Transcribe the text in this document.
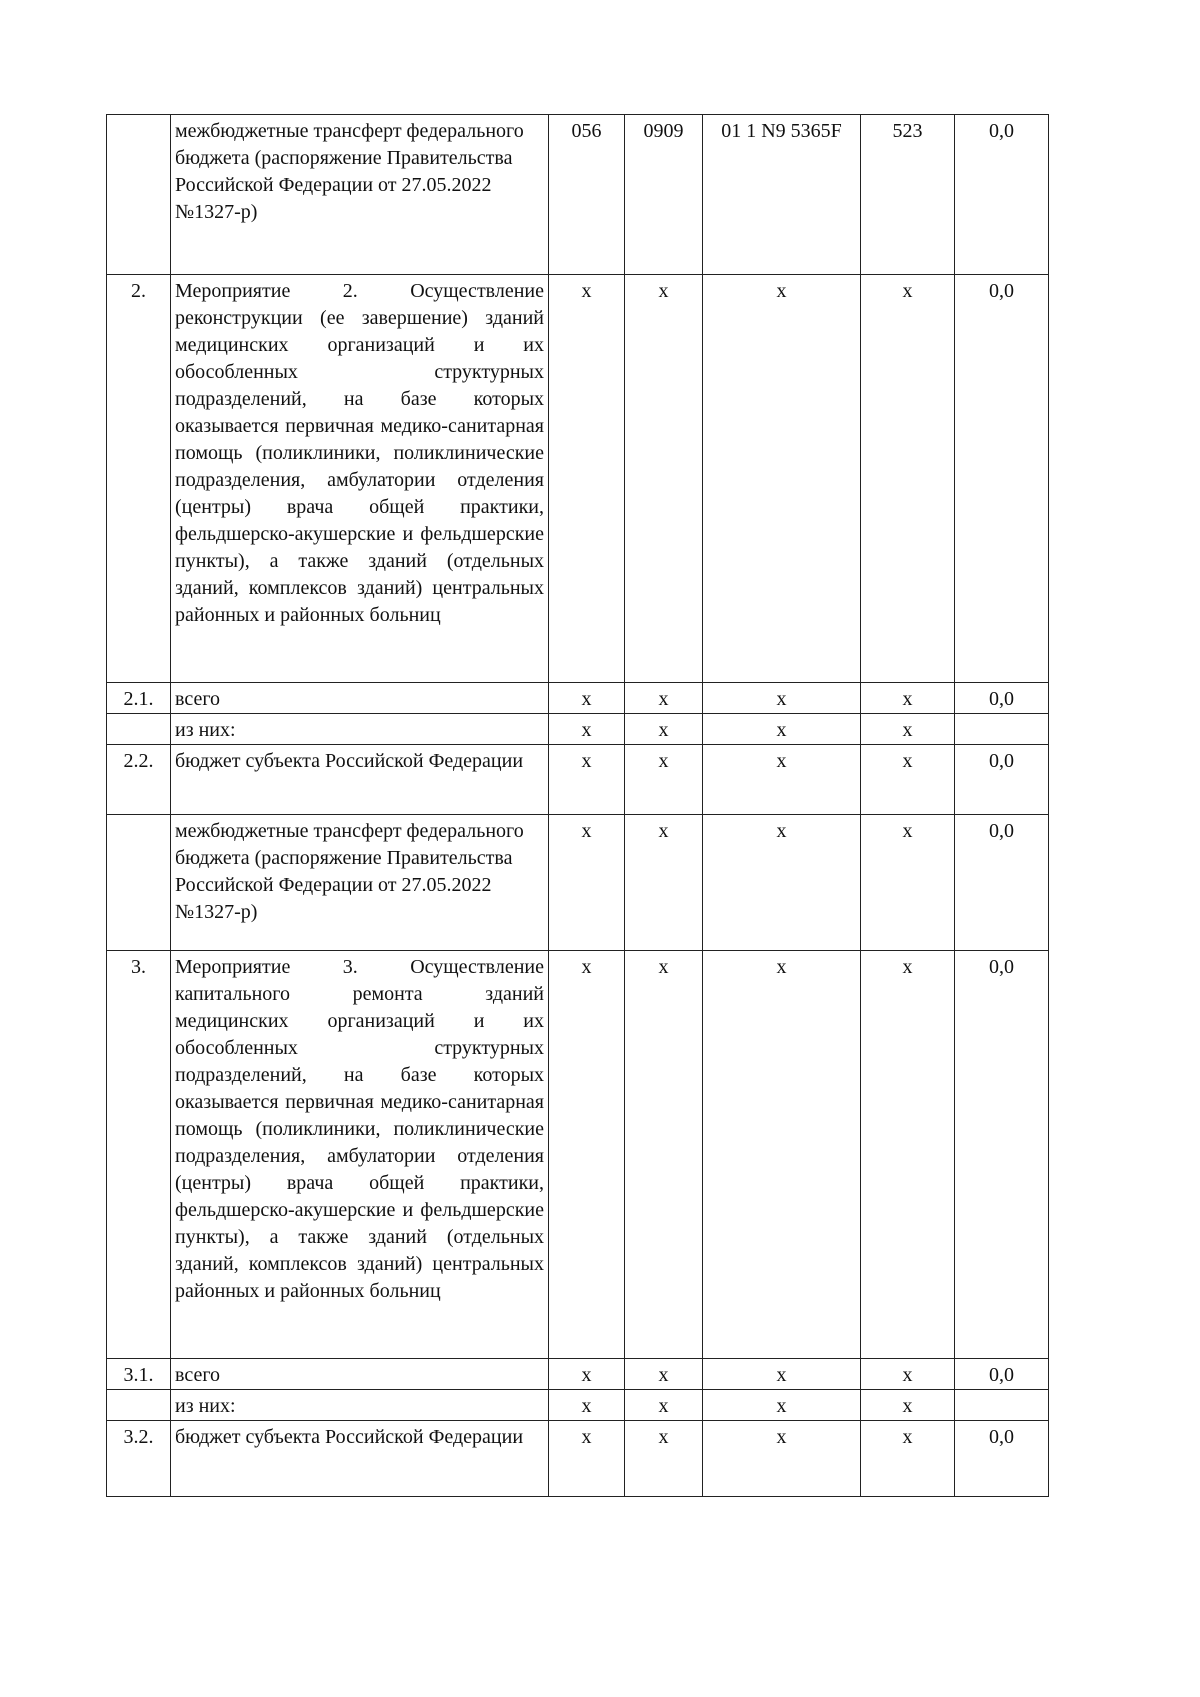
	межбюджетные трансферт федерального бюджета (распоряжение Правительства Российской Федерации от 27.05.2022 №1327-р)	056	0909	01 1 N9 5365F	523	0,0
2.	Мероприятие 2. Осуществление реконструкции (ее завершение) зданий медицинских организаций и их обособленных структурных подразделений, на базе которых оказывается первичная медико-санитарная помощь (поликлиники, поликлинические подразделения, амбулатории отделения (центры) врача общей практики, фельдшерско-акушерские и фельдшерские пункты), а также зданий (отдельных зданий, комплексов зданий) центральных районных и районных больниц	х	х	х	х	0,0
2.1.	всего	х	х	х	х	0,0
	из них:	х	х	х	х	
2.2.	бюджет субъекта Российской Федерации	х	х	х	х	0,0
	межбюджетные трансферт федерального бюджета (распоряжение Правительства Российской Федерации от 27.05.2022 №1327-р)	х	х	х	х	0,0
3.	Мероприятие 3. Осуществление капитального ремонта зданий медицинских организаций и их обособленных структурных подразделений, на базе которых оказывается первичная медико-санитарная помощь (поликлиники, поликлинические подразделения, амбулатории отделения (центры) врача общей практики, фельдшерско-акушерские и фельдшерские пункты), а также зданий (отдельных зданий, комплексов зданий) центральных районных и районных больниц	х	х	х	х	0,0
3.1.	всего	х	х	х	х	0,0
	из них:	х	х	х	х	
3.2.	бюджет субъекта Российской Федерации	х	х	х	х	0,0
